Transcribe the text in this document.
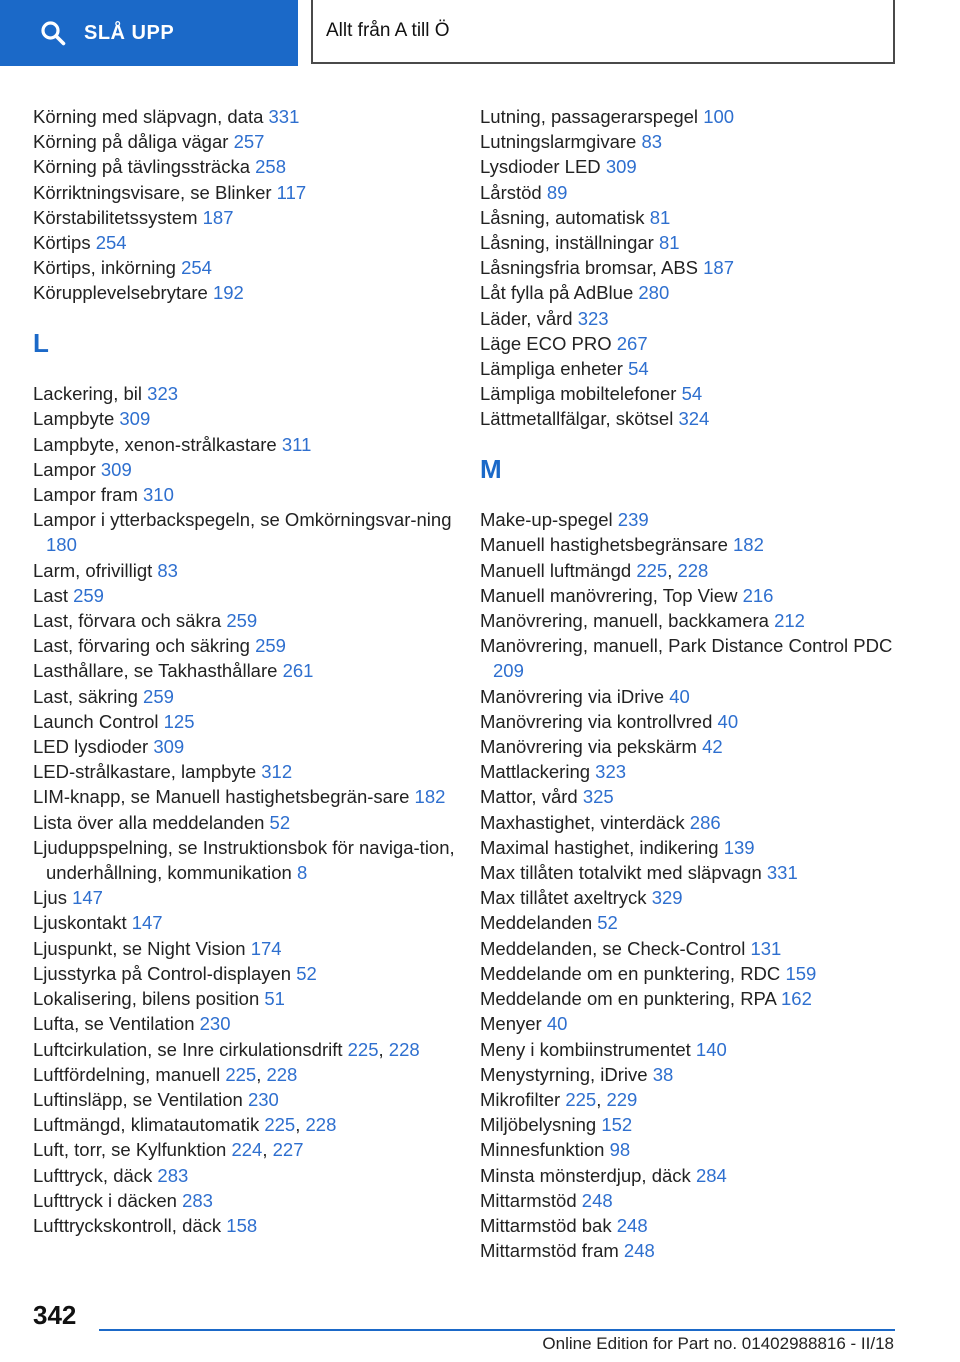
SLÅ UPP	Allt från A till Ö
Körning med släpvagn, data 331
Körning på dåliga vägar 257
Körning på tävlingssträcka 258
Körriktningsvisare, se Blinker 117
Körstabilitetssystem 187
Körtips 254
Körtips, inkörning 254
Körupplevelsebrytare 192
L
Lackering, bil 323
Lampbyte 309
Lampbyte, xenon-strålkastare 311
Lampor 309
Lampor fram 310
Lampor i ytterbackspegeln, se Omkörningsvar-ning 180
Larm, ofrivilligt 83
Last 259
Last, förvara och säkra 259
Last, förvaring och säkring 259
Lasthållare, se Takhasthållare 261
Last, säkring 259
Launch Control 125
LED lysdioder 309
LED-strålkastare, lampbyte 312
LIM-knapp, se Manuell hastighetsbegrän-sare 182
Lista över alla meddelanden 52
Ljuduppspelning, se Instruktionsbok för naviga-tion, underhållning, kommunikation 8
Ljus 147
Ljuskontakt 147
Ljuspunkt, se Night Vision 174
Ljusstyrka på Control-displayen 52
Lokalisering, bilens position 51
Lufta, se Ventilation 230
Luftcirkulation, se Inre cirkulationsdrift 225, 228
Luftfördelning, manuell 225, 228
Luftinsläpp, se Ventilation 230
Luftmängd, klimatautomatik 225, 228
Luft, torr, se Kylfunktion 224, 227
Lufttryck, däck 283
Lufttryck i däcken 283
Lufttryckskontroll, däck 158
Lutning, passagerarspegel 100
Lutningslarmgivare 83
Lysdioder LED 309
Lårstöd 89
Låsning, automatisk 81
Låsning, inställningar 81
Låsningsfria bromsar, ABS 187
Låt fylla på AdBlue 280
Läder, vård 323
Läge ECO PRO 267
Lämpliga enheter 54
Lämpliga mobiltelefoner 54
Lättmetallfälgar, skötsel 324
M
Make-up-spegel 239
Manuell hastighetsbegränsare 182
Manuell luftmängd 225, 228
Manuell manövrering, Top View 216
Manövrering, manuell, backkamera 212
Manövrering, manuell, Park Distance Control PDC 209
Manövrering via iDrive 40
Manövrering via kontrollvred 40
Manövrering via pekskärm 42
Mattlackering 323
Mattor, vård 325
Maxhastighet, vinterdäck 286
Maximal hastighet, indikering 139
Max tillåten totalvikt med släpvagn 331
Max tillåtet axeltryck 329
Meddelanden 52
Meddelanden, se Check-Control 131
Meddelande om en punktering, RDC 159
Meddelande om en punktering, RPA 162
Menyer 40
Meny i kombiinstrumentet 140
Menystyrning, iDrive 38
Mikrofilter 225, 229
Miljöbelysning 152
Minnesfunktion 98
Minsta mönsterdjup, däck 284
Mittarmstöd 248
Mittarmstöd bak 248
Mittarmstöd fram 248
342
Online Edition for Part no. 01402988816 - II/18
